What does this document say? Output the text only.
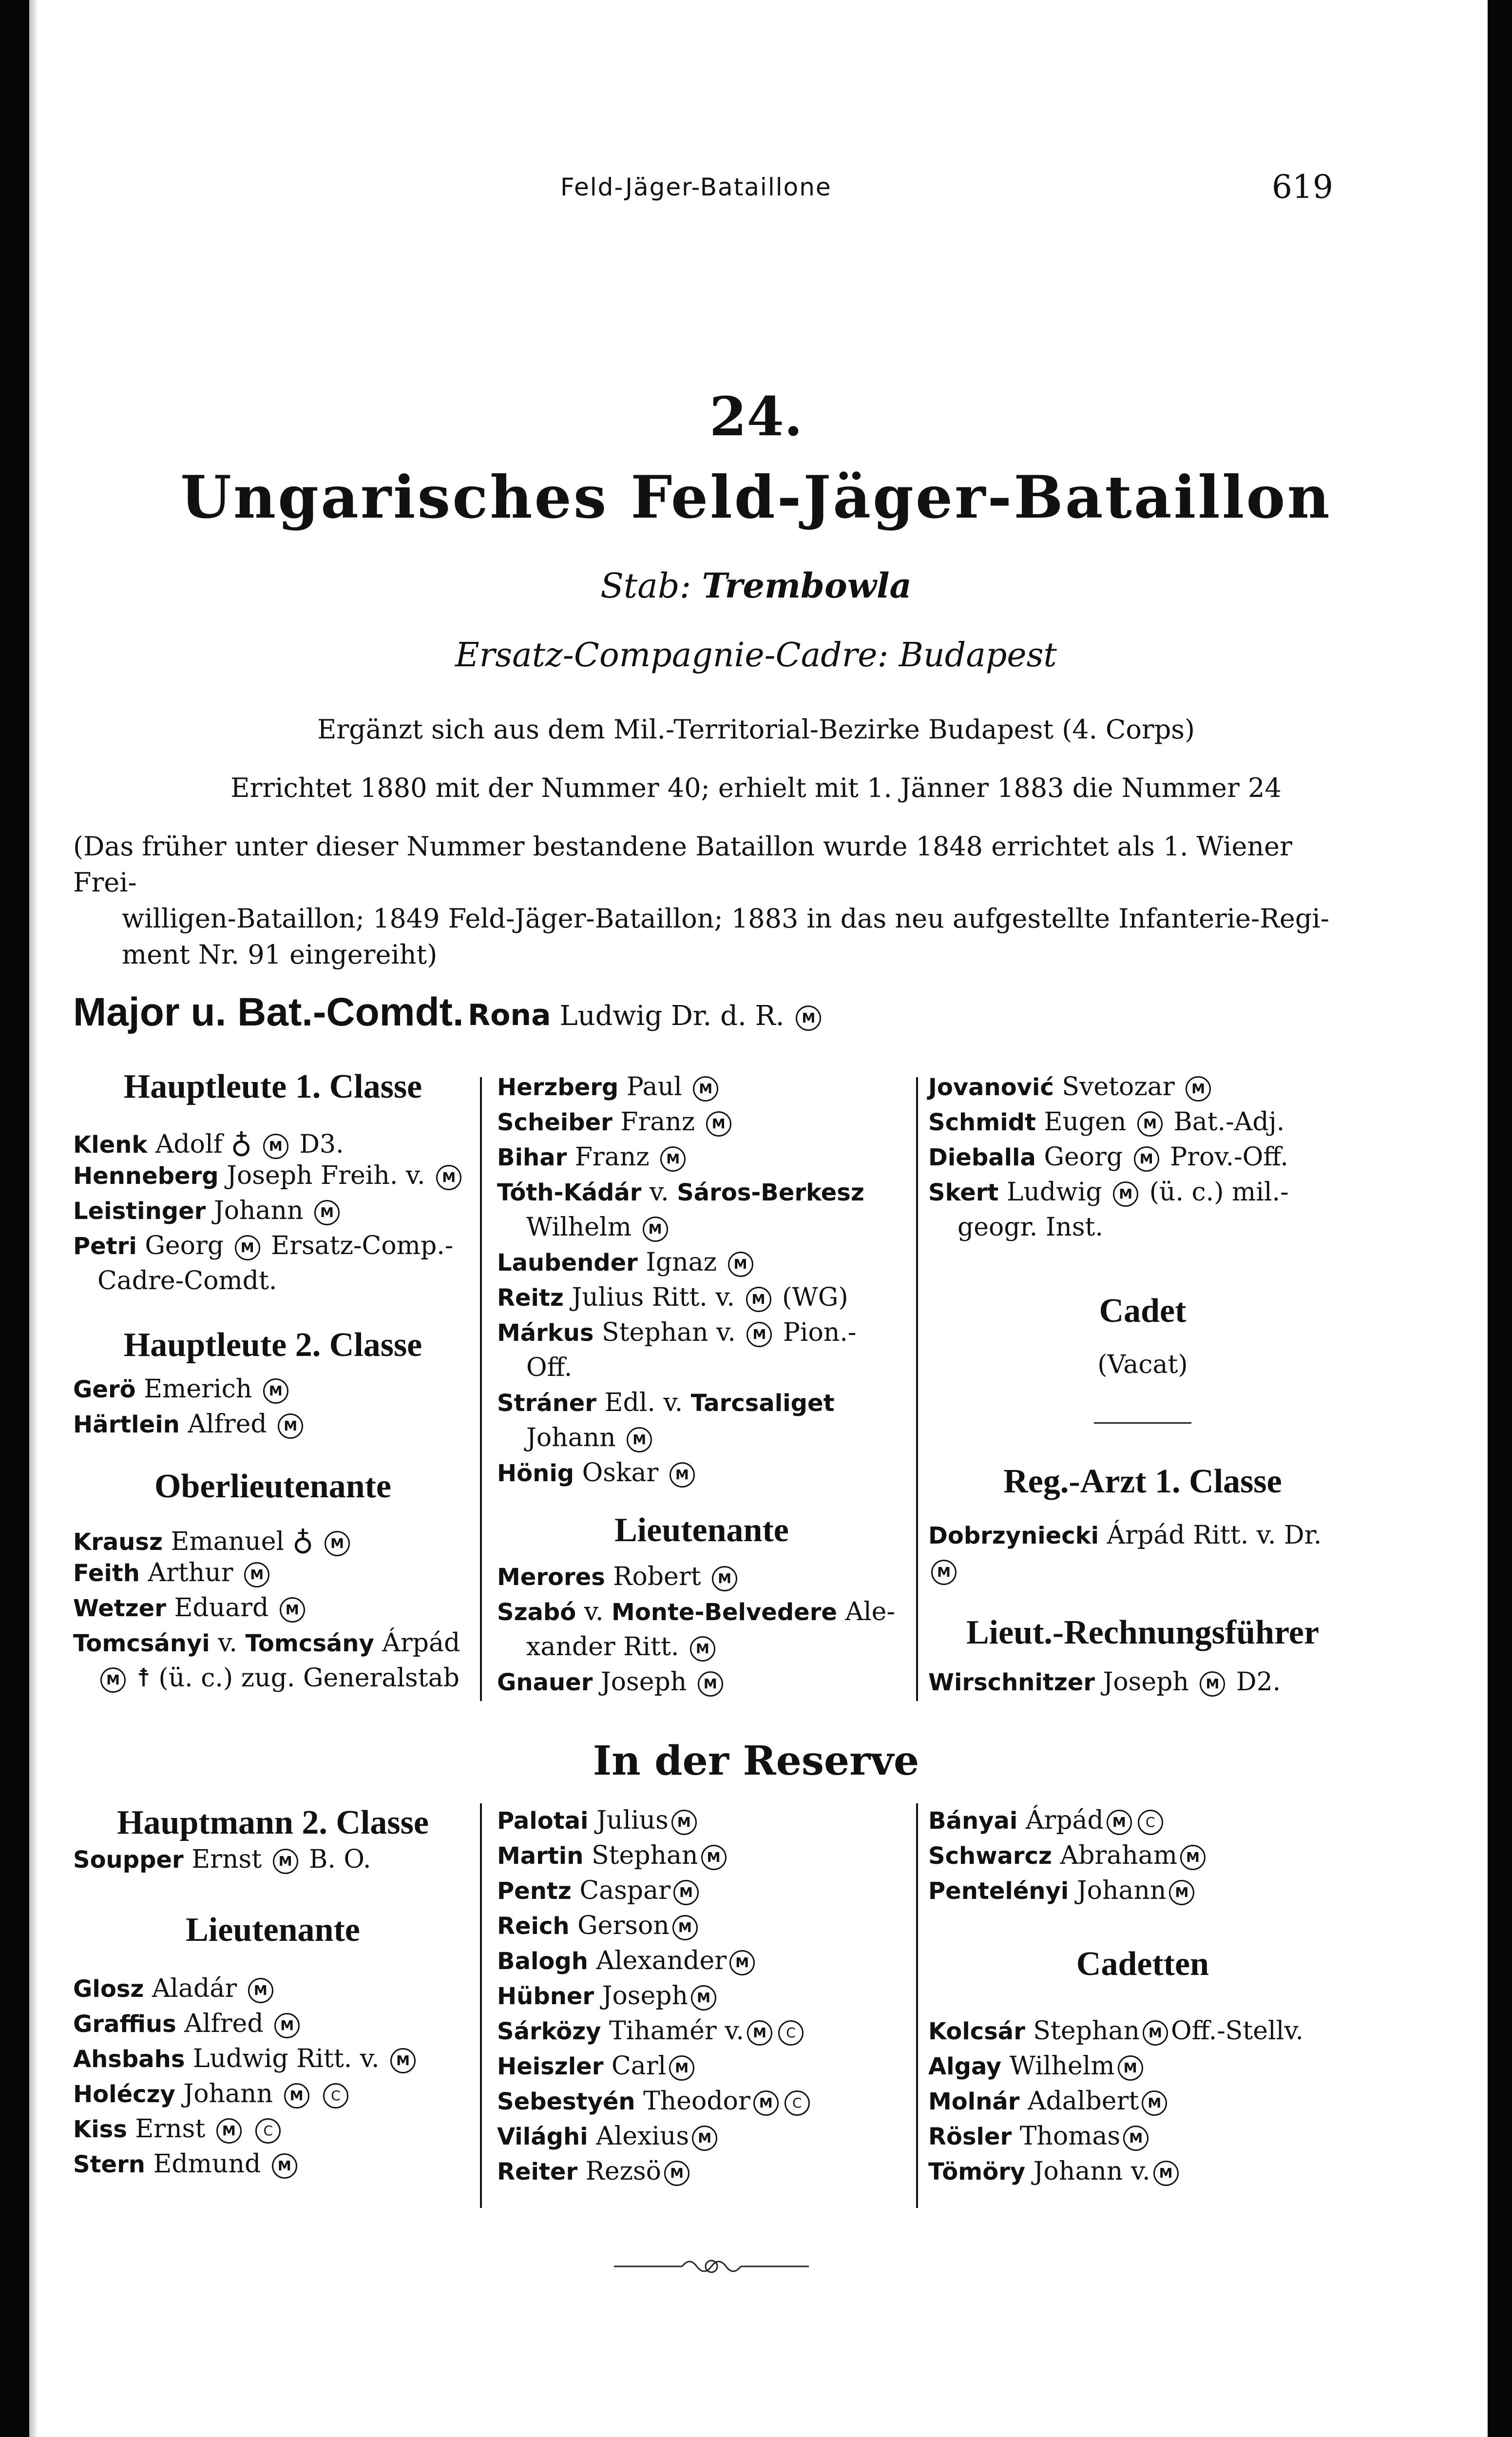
Feld-Jäger-Bataillone	619
24.
Ungarisches Feld-Jäger-Bataillon
Stab: Trembowla
Ersatz-Compagnie-Cadre: Budapest
Ergänzt sich aus dem Mil.-Territorial-Bezirke Budapest (4. Corps)
Errichtet 1880 mit der Nummer 40; erhielt mit 1. Jänner 1883 die Nummer 24
(Das früher unter dieser Nummer bestandene Bataillon wurde 1848 errichtet als 1. Wiener Frei-
willigen-Bataillon; 1849 Feld-Jäger-Bataillon; 1883 in das neu aufgestellte Infanterie-Regi-
ment Nr. 91 eingereiht)
Major u. Bat.-Comdt. Rona Ludwig Dr. d. R. M
Hauptleute 1. Classe
Klenk Adolf ♁ M D3.
Henneberg Joseph Freih. v. M
Leistinger Johann M
Petri Georg M Ersatz-Comp.-
Cadre-Comdt.
Hauptleute 2. Classe
Gerö Emerich M
Härtlein Alfred M
Oberlieutenante
Krausz Emanuel ♁ M
Feith Arthur M
Wetzer Eduard M
Tomcsányi v. Tomcsány Árpád
M ☨ (ü. c.) zug. Generalstab
Herzberg Paul M
Scheiber Franz M
Bihar Franz M
Tóth-Kádár v. Sáros-Berkesz
Wilhelm M
Laubender Ignaz M
Reitz Julius Ritt. v. M (WG)
Márkus Stephan v. M Pion.-
Off.
Stráner Edl. v. Tarcsaliget
Johann M
Hönig Oskar M
Lieutenante
Merores Robert M
Szabó v. Monte-Belvedere Ale-
xander Ritt. M
Gnauer Joseph M
Jovanović Svetozar M
Schmidt Eugen M Bat.-Adj.
Dieballa Georg M Prov.-Off.
Skert Ludwig M (ü. c.) mil.-
geogr. Inst.
Cadet
(Vacat)
Reg.-Arzt 1. Classe
Dobrzyniecki Árpád Ritt. v. Dr.
M
Lieut.-Rechnungsführer
Wirschnitzer Joseph M D2.
In der Reserve
Hauptmann 2. Classe
Soupper Ernst M B. O.
Lieutenante
Glosz Aladár M
Graffius Alfred M
Ahsbahs Ludwig Ritt. v. M
Holéczy Johann M C
Kiss Ernst M C
Stern Edmund M
Palotai Julius M
Martin Stephan M
Pentz Caspar M
Reich Gerson M
Balogh Alexander M
Hübner Joseph M
Sárközy Tihamér v. M C
Heiszler Carl M
Sebestyén Theodor M C
Világhi Alexius M
Reiter Rezsö M
Bányai Árpád M C
Schwarcz Abraham M
Pentelényi Johann M
Cadetten
Kolcsár Stephan M Off.-Stellv.
Algay Wilhelm M
Molnár Adalbert M
Rösler Thomas M
Tömöry Johann v. M
